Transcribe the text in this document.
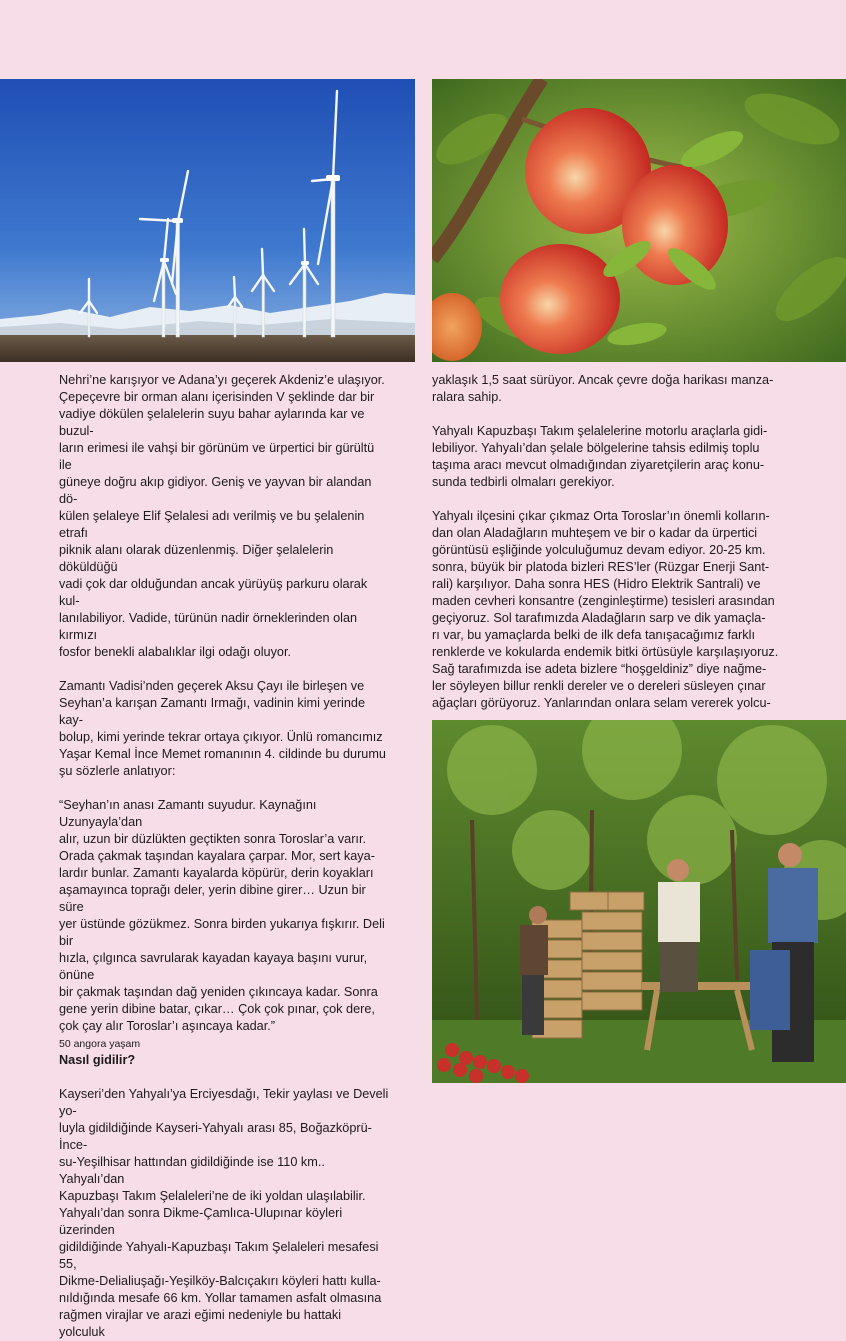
Nehri’ne karışıyor ve Adana’yı geçerek Akdeniz’e ulaşıyor.
Çepeçevre bir orman alanı içerisinden V şeklinde dar bir
vadiye dökülen şelalelerin suyu bahar aylarında kar ve buzul-
ların erimesi ile vahşi bir görünüm ve ürpertici bir gürültü ile
güneye doğru akıp gidiyor. Geniş ve yayvan bir alandan dö-
külen şelaleye Elif Şelalesi adı verilmiş ve bu şelalenin etrafı
piknik alanı olarak düzenlenmiş. Diğer şelalelerin döküldüğü
vadi çok dar olduğundan ancak yürüyüş parkuru olarak kul-
lanılabiliyor. Vadide, türünün nadir örneklerinden olan kırmızı
fosfor benekli alabalıklar ilgi odağı oluyor.

Zamantı Vadisi’nden geçerek Aksu Çayı ile birleşen ve
Seyhan’a karışan Zamantı Irmağı, vadinin kimi yerinde kay-
bolup, kimi yerinde tekrar ortaya çıkıyor. Ünlü romancımız
Yaşar Kemal İnce Memet romanının 4. cildinde bu durumu
şu sözlerle anlatıyor:

“Seyhan’ın anası Zamantı suyudur. Kaynağını Uzunyayla’dan
alır, uzun bir düzlükten geçtikten sonra Toroslar’a varır.
Orada çakmak taşından kayalara çarpar. Mor, sert kaya-
lardır bunlar. Zamantı kayalarda köpürür, derin koyakları
aşamayınca toprağı deler, yerin dibine girer… Uzun bir süre
yer üstünde gözükmez. Sonra birden yukarıya fışkırır. Deli bir
hızla, çılgınca savrularak kayadan kayaya başını vurur, önüne
bir çakmak taşından dağ yeniden çıkıncaya kadar. Sonra
gene yerin dibine batar, çıkar… Çok çok pınar, çok dere,
çok çay alır Toroslar’ı aşıncaya kadar.”

Nasıl gidilir?

Kayseri’den Yahyalı’ya Erciyesdağı, Tekir yaylası ve Develi yo-
luyla gidildiğinde Kayseri-Yahyalı arası 85, Boğazköprü-İnce-
su-Yeşilhisar hattından gidildiğinde ise 110 km.. Yahyalı’dan
Kapuzbaşı Takım Şelaleleri’ne de iki yoldan ulaşılabilir.
Yahyalı’dan sonra Dikme-Çamlıca-Ulupınar köyleri üzerinden
gidildiğinde Yahyalı-Kapuzbaşı Takım Şelaleleri mesafesi 55,
Dikme-Delialiuşağı-Yeşilköy-Balcıçakırı köyleri hattı kulla-
nıldığında mesafe 66 km. Yollar tamamen asfalt olmasına
rağmen virajlar ve arazi eğimi nedeniyle bu hattaki yolculuk

yaklaşık 1,5 saat sürüyor. Ancak çevre doğa harikası manza-
ralara sahip.

Yahyalı Kapuzbaşı Takım şelalelerine motorlu araçlarla gidi-
lebiliyor. Yahyalı’dan şelale bölgelerine tahsis edilmiş toplu
taşıma aracı mevcut olmadığından ziyaretçilerin araç konu-
sunda tedbirli olmaları gerekiyor.

Yahyalı ilçesini çıkar çıkmaz Orta Toroslar’ın önemli kolların-
dan olan Aladağların muhteşem ve bir o kadar da ürpertici
görüntüsü eşliğinde yolculuğumuz devam ediyor. 20-25 km.
sonra, büyük bir platoda bizleri RES’ler (Rüzgar Enerji Sant-
rali) karşılıyor. Daha sonra HES (Hidro Elektrik Santrali) ve
maden cevheri konsantre (zenginleştirme) tesisleri arasından
geçiyoruz. Sol tarafımızda Aladağların sarp ve dik yamaçla-
rı var, bu yamaçlarda belki de ilk defa tanışacağımız farklı
renklerde ve kokularda endemik bitki örtüsüyle karşılaşıyoruz.
Sağ tarafımızda ise adeta bizlere “hoşgeldiniz” diye nağme-
ler söyleyen billur renkli dereler ve o dereleri süsleyen çınar
ağaçları görüyoruz. Yanlarından onlara selam vererek yolcu-

50 angora yaşam
